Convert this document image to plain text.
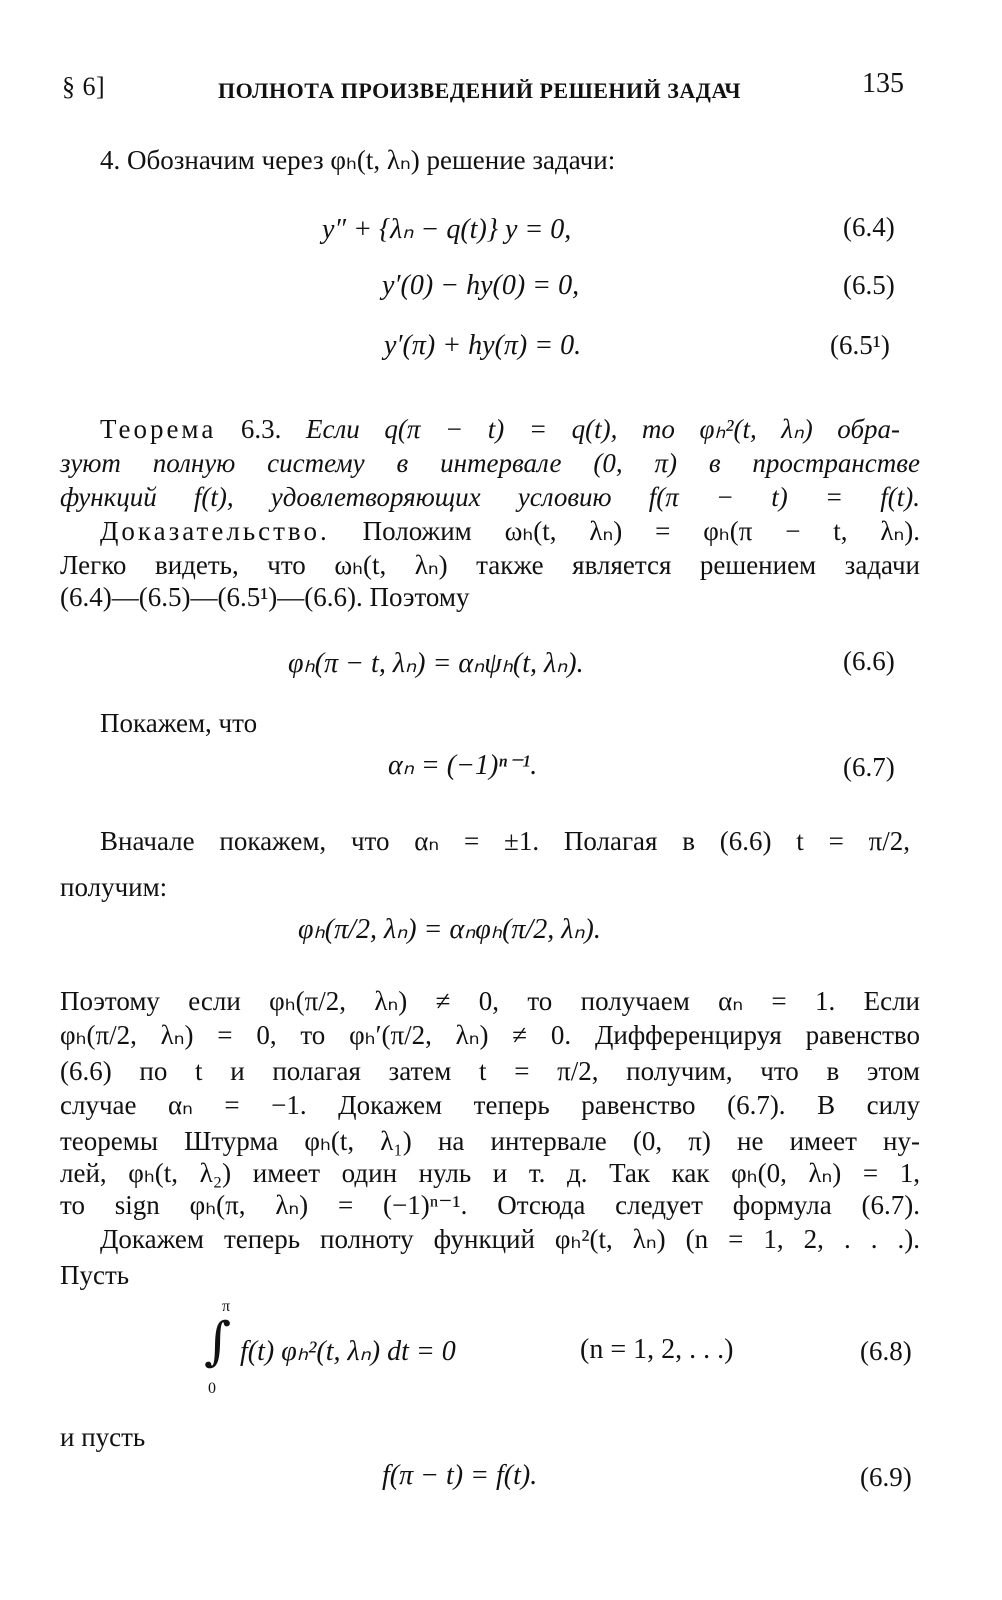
§ 6]	ПОЛНОТА ПРОИЗВЕДЕНИЙ РЕШЕНИЙ ЗАДАЧ	135
4. Обозначим через φₕ(t, λₙ) решение задачи:
y″ + {λₙ − q(t)} y = 0,	(6.4)
y′(0) − hy(0) = 0,	(6.5)
y′(π) + hy(π) = 0.	(6.5¹)
Теорема 6.3. Если q(π − t) = q(t), то φₕ²(t, λₙ) обра-
зуют полную систему в интервале (0, π) в пространстве
функций f(t), удовлетворяющих условию f(π − t) = f(t).
Доказательство. Положим ωₕ(t, λₙ) = φₕ(π − t, λₙ).
Легко видеть, что ωₕ(t, λₙ) также является решением задачи
(6.4)—(6.5)—(6.5¹)—(6.6). Поэтому
φₕ(π − t, λₙ) = αₙψₕ(t, λₙ).	(6.6)
Покажем, что
αₙ = (−1)ⁿ⁻¹.	(6.7)
Вначале покажем, что αₙ = ±1. Полагая в (6.6) t = π/2,
получим:
φₕ(π/2, λₙ) = αₙφₕ(π/2, λₙ).
Поэтому если φₕ(π/2, λₙ) ≠ 0, то получаем αₙ = 1. Если
φₕ(π/2, λₙ) = 0, то φₕ′(π/2, λₙ) ≠ 0. Дифференцируя равенство
(6.6) по t и полагая затем t = π/2, получим, что в этом
случае αₙ = −1. Докажем теперь равенство (6.7). В силу
теоремы Штурма φₕ(t, λ₁) на интервале (0, π) не имеет ну-
лей, φₕ(t, λ₂) имеет один нуль и т. д. Так как φₕ(0, λₙ) = 1,
то sign φₕ(π, λₙ) = (−1)ⁿ⁻¹. Отсюда следует формула (6.7).
Докажем теперь полноту функций φₕ²(t, λₙ) (n = 1, 2, . . .).
Пусть
π
∫
0
f(t) φₕ²(t, λₙ) dt = 0	(n = 1, 2, . . .)	(6.8)
и пусть
f(π − t) = f(t).	(6.9)
